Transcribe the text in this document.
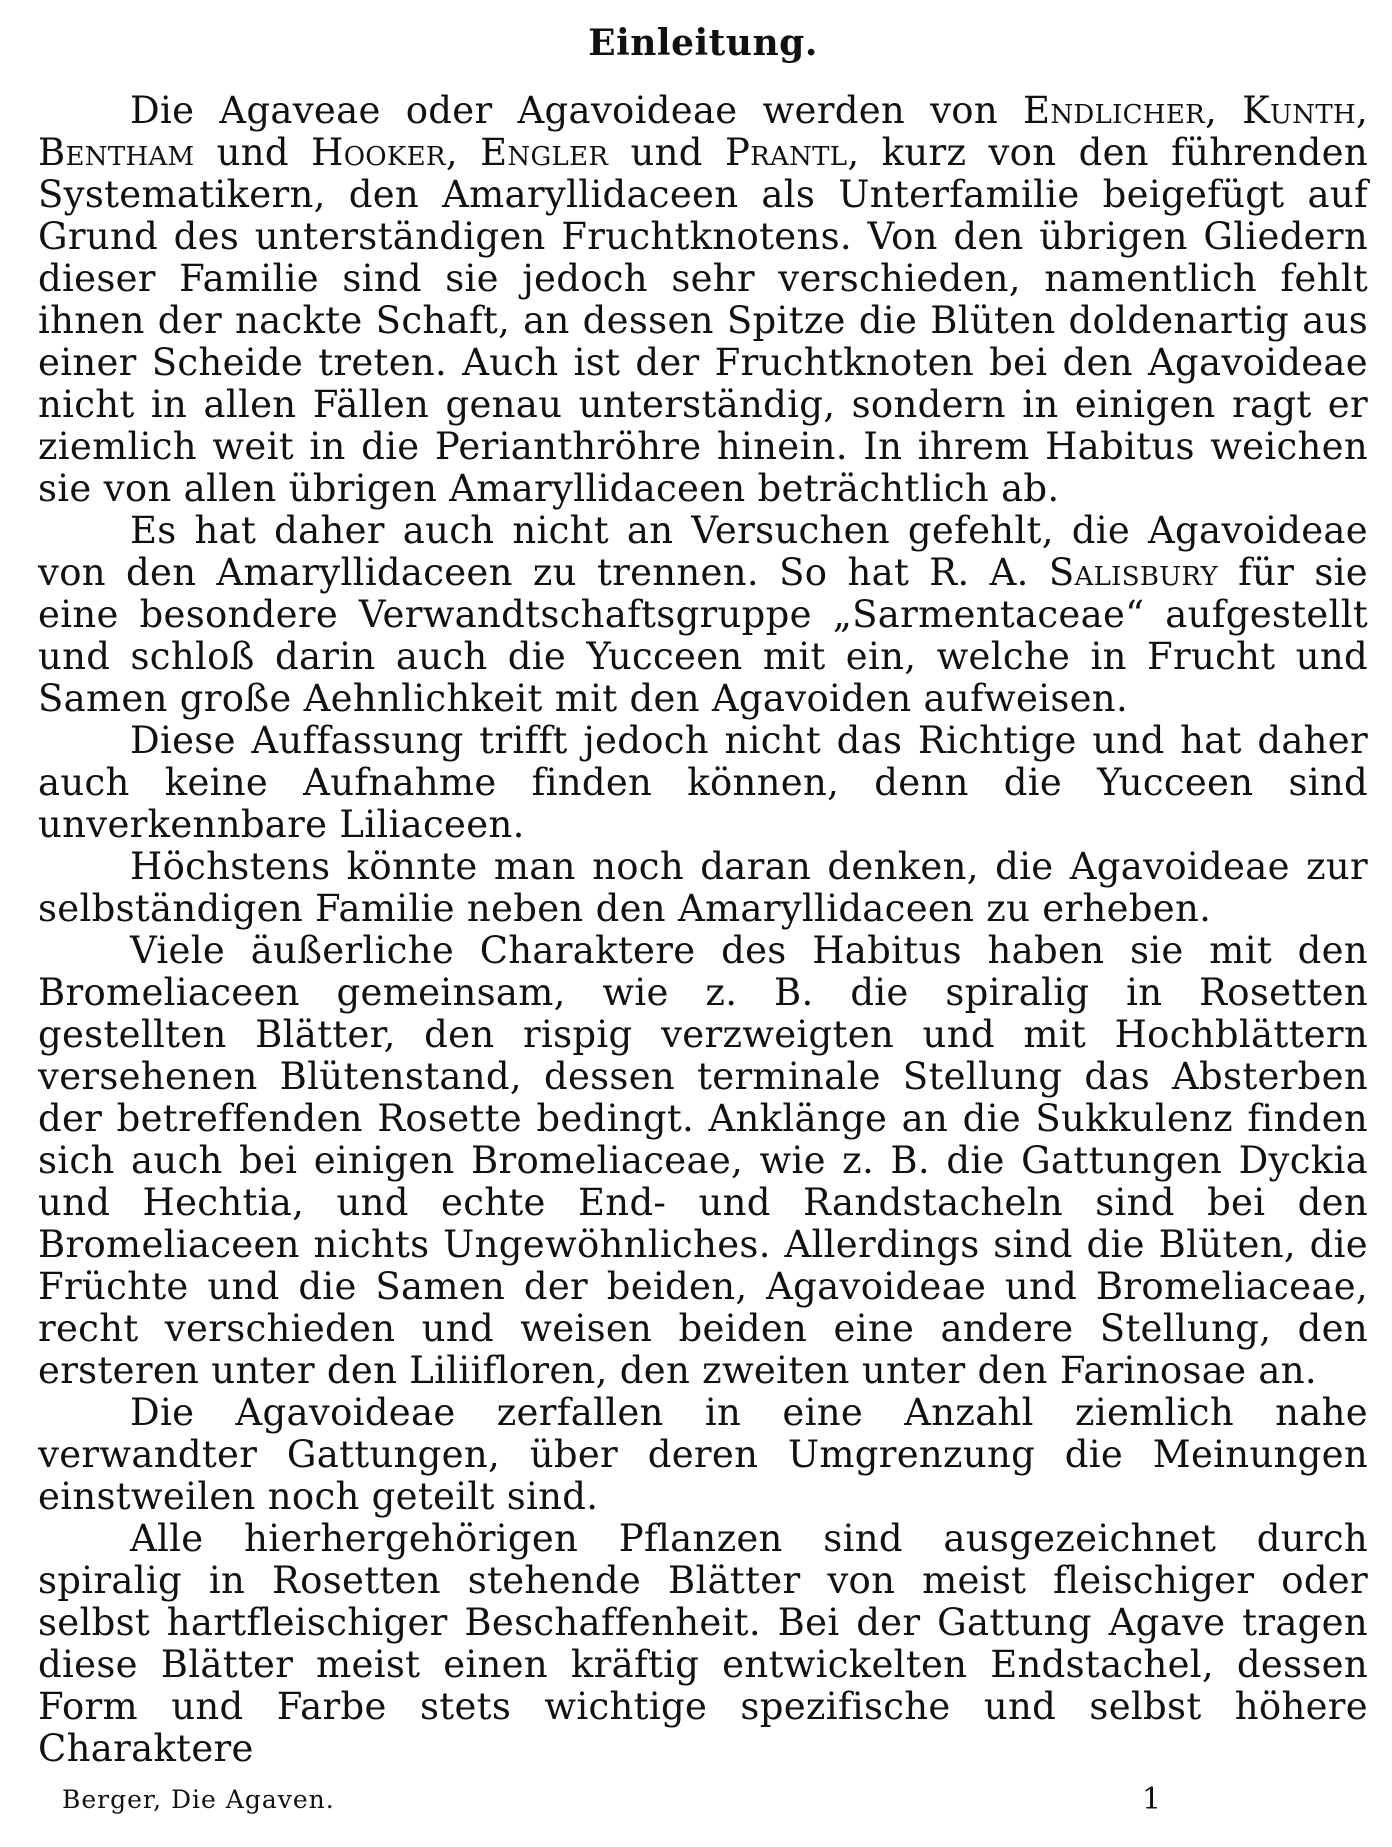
Einleitung.

Die Agaveae oder Agavoideae werden von Endlicher, Kunth, Bentham und Hooker, Engler und Prantl, kurz von den führenden Systematikern, den Amaryllidaceen als Unterfamilie beigefügt auf Grund des unterständigen Fruchtknotens. Von den übrigen Gliedern dieser Familie sind sie jedoch sehr verschieden, namentlich fehlt ihnen der nackte Schaft, an dessen Spitze die Blüten doldenartig aus einer Scheide treten. Auch ist der Fruchtknoten bei den Agavoideae nicht in allen Fällen genau unterständig, sondern in einigen ragt er ziemlich weit in die Perianthröhre hinein. In ihrem Habitus weichen sie von allen übrigen Amaryllidaceen beträchtlich ab.

Es hat daher auch nicht an Versuchen gefehlt, die Agavoideae von den Amaryllidaceen zu trennen. So hat R. A. Salisbury für sie eine besondere Verwandtschaftsgruppe „Sarmentaceae“ aufgestellt und schloß darin auch die Yucceen mit ein, welche in Frucht und Samen große Aehnlichkeit mit den Agavoiden aufweisen.

Diese Auffassung trifft jedoch nicht das Richtige und hat daher auch keine Aufnahme finden können, denn die Yucceen sind unverkennbare Liliaceen.

Höchstens könnte man noch daran denken, die Agavoideae zur selbständigen Familie neben den Amaryllidaceen zu erheben.

Viele äußerliche Charaktere des Habitus haben sie mit den Bromeliaceen gemeinsam, wie z. B. die spiralig in Rosetten gestellten Blätter, den rispig verzweigten und mit Hochblättern versehenen Blütenstand, dessen terminale Stellung das Absterben der betreffenden Rosette bedingt. Anklänge an die Sukkulenz finden sich auch bei einigen Bromeliaceae, wie z. B. die Gattungen Dyckia und Hechtia, und echte End- und Randstacheln sind bei den Bromeliaceen nichts Ungewöhnliches. Allerdings sind die Blüten, die Früchte und die Samen der beiden, Agavoideae und Bromeliaceae, recht verschieden und weisen beiden eine andere Stellung, den ersteren unter den Liliifloren, den zweiten unter den Farinosae an.

Die Agavoideae zerfallen in eine Anzahl ziemlich nahe verwandter Gattungen, über deren Umgrenzung die Meinungen einstweilen noch geteilt sind.

Alle hierhergehörigen Pflanzen sind ausgezeichnet durch spiralig in Rosetten stehende Blätter von meist fleischiger oder selbst hartfleischiger Beschaffenheit. Bei der Gattung Agave tragen diese Blätter meist einen kräftig entwickelten Endstachel, dessen Form und Farbe stets wichtige spezifische und selbst höhere Charaktere

Berger, Die Agaven.	1
